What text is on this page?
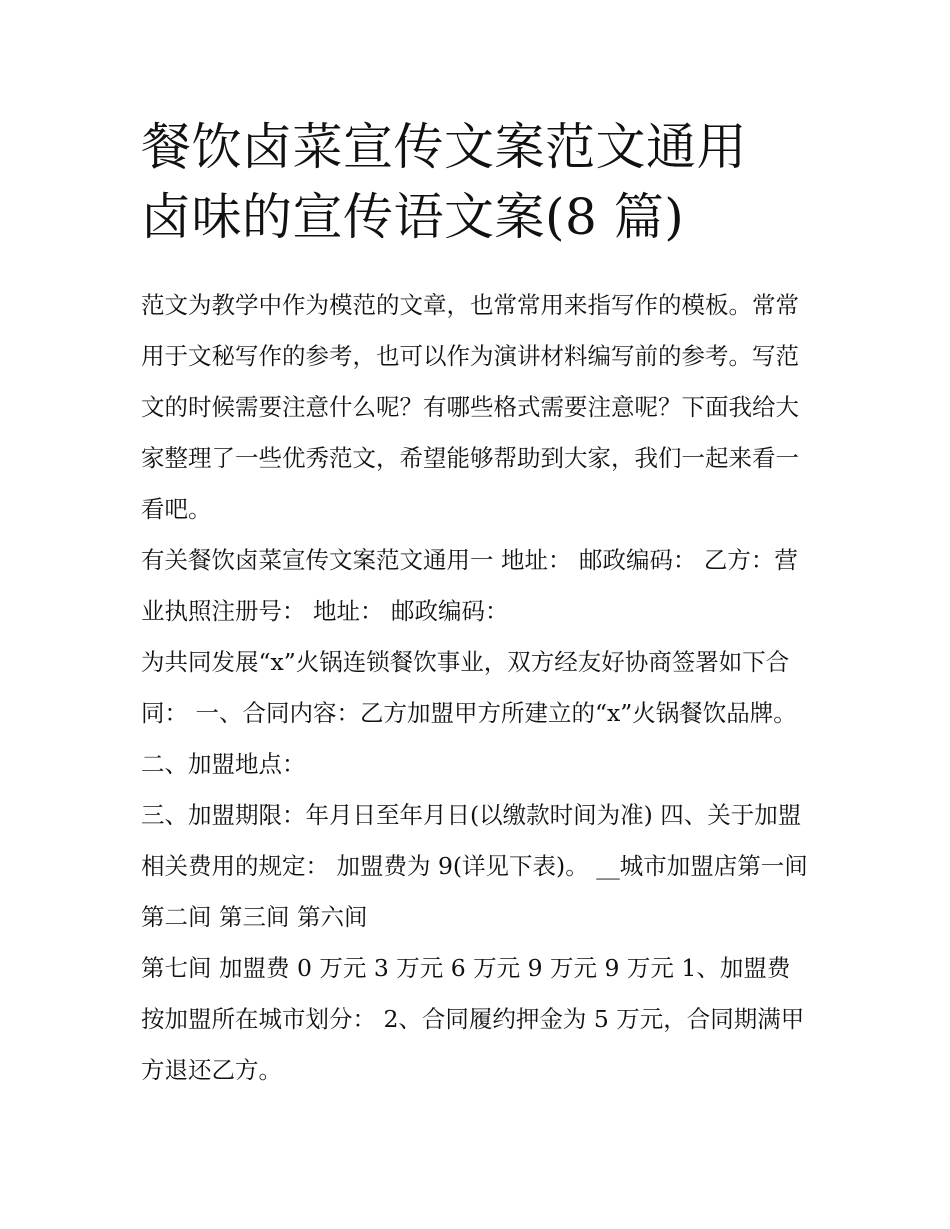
餐饮卤菜宣传文案范文通用 卤味的宣传语文案(8 篇)

范文为教学中作为模范的文章，也常常用来指写作的模板。常常用于文秘写作的参考，也可以作为演讲材料编写前的参考。写范文的时候需要注意什么呢？有哪些格式需要注意呢？下面我给大家整理了一些优秀范文，希望能够帮助到大家，我们一起来看一看吧。

有关餐饮卤菜宣传文案范文通用一 地址： 邮政编码： 乙方：营业执照注册号： 地址： 邮政编码：

为共同发展“x”火锅连锁餐饮事业，双方经友好协商签署如下合同： 一、合同内容：乙方加盟甲方所建立的“x”火锅餐饮品牌。 二、加盟地点：

三、加盟期限：年月日至年月日(以缴款时间为准) 四、关于加盟相关费用的规定： 加盟费为 9(详见下表)。 __城市加盟店第一间 第二间 第三间 第六间

第七间 加盟费 0 万元 3 万元 6 万元 9 万元 9 万元 1、加盟费按加盟所在城市划分： 2、合同履约押金为 5 万元，合同期满甲方退还乙方。
